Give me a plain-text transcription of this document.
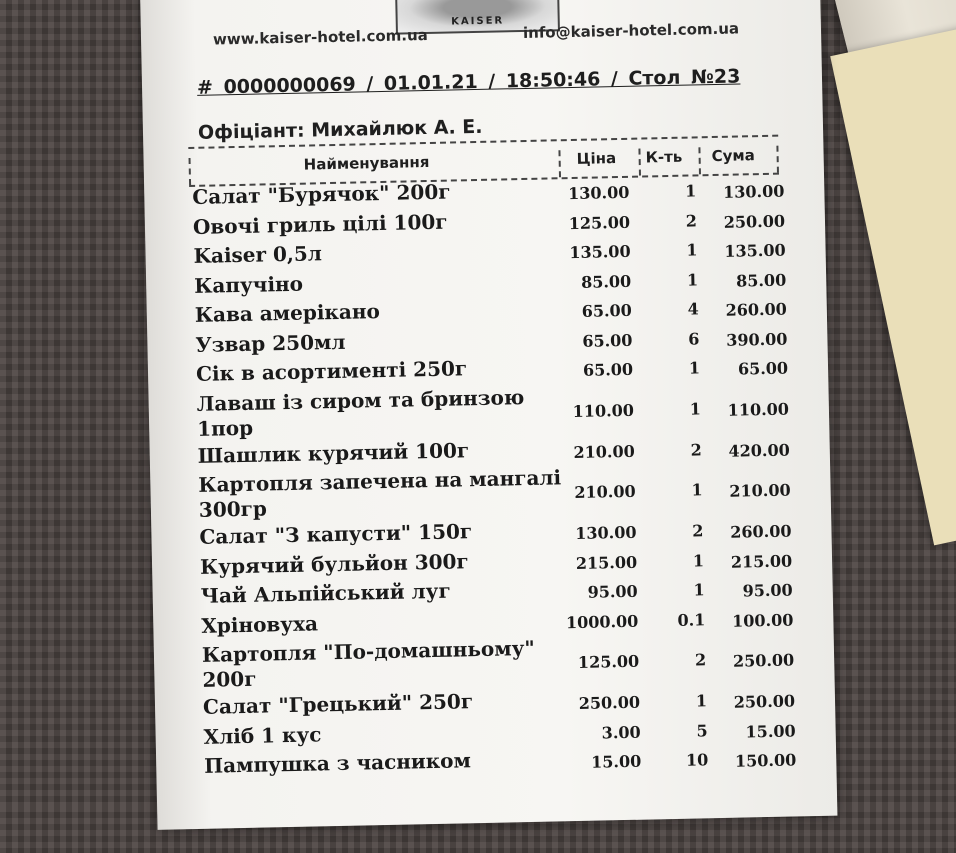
KAISER
www.kaiser-hotel.com.ua	info@kaiser-hotel.com.ua
# 0000000069 / 01.01.21 / 18:50:46 / Стол №23
Офіціант: Михайлюк А. Е.
Найменування	Ціна К-ть Сума
Салат "Бурячок" 200г	130.00	1 130.00
Овочі гриль цілі 100г	125.00	2 250.00
Kaiser 0,5л	135.00	1 135.00
Капучіно	85.00	1 85.00
Кава амерікано	65.00	4 260.00
Узвар 250мл	65.00	6 390.00
Сік в асортименті 250г	65.00	1 65.00
Лаваш із сиром та бринзою 1пор
110.00	1 110.00
Шашлик курячий 100г	210.00	2 420.00
Картопля запечена на мангалі 300гр
210.00	1 210.00
Салат "З капусти" 150г	130.00	2 260.00
Курячий бульйон 300г	215.00	1 215.00
Чай Альпійський луг	95.00	1 95.00
Хріновуха	1000.00 0.1 100.00
Картопля "По-домашньому" 200г
125.00	2 250.00
Салат "Грецький" 250г	250.00	1 250.00
Хліб 1 кус	3.00	5 15.00
Пампушка з часником	15.00	10 150.00
